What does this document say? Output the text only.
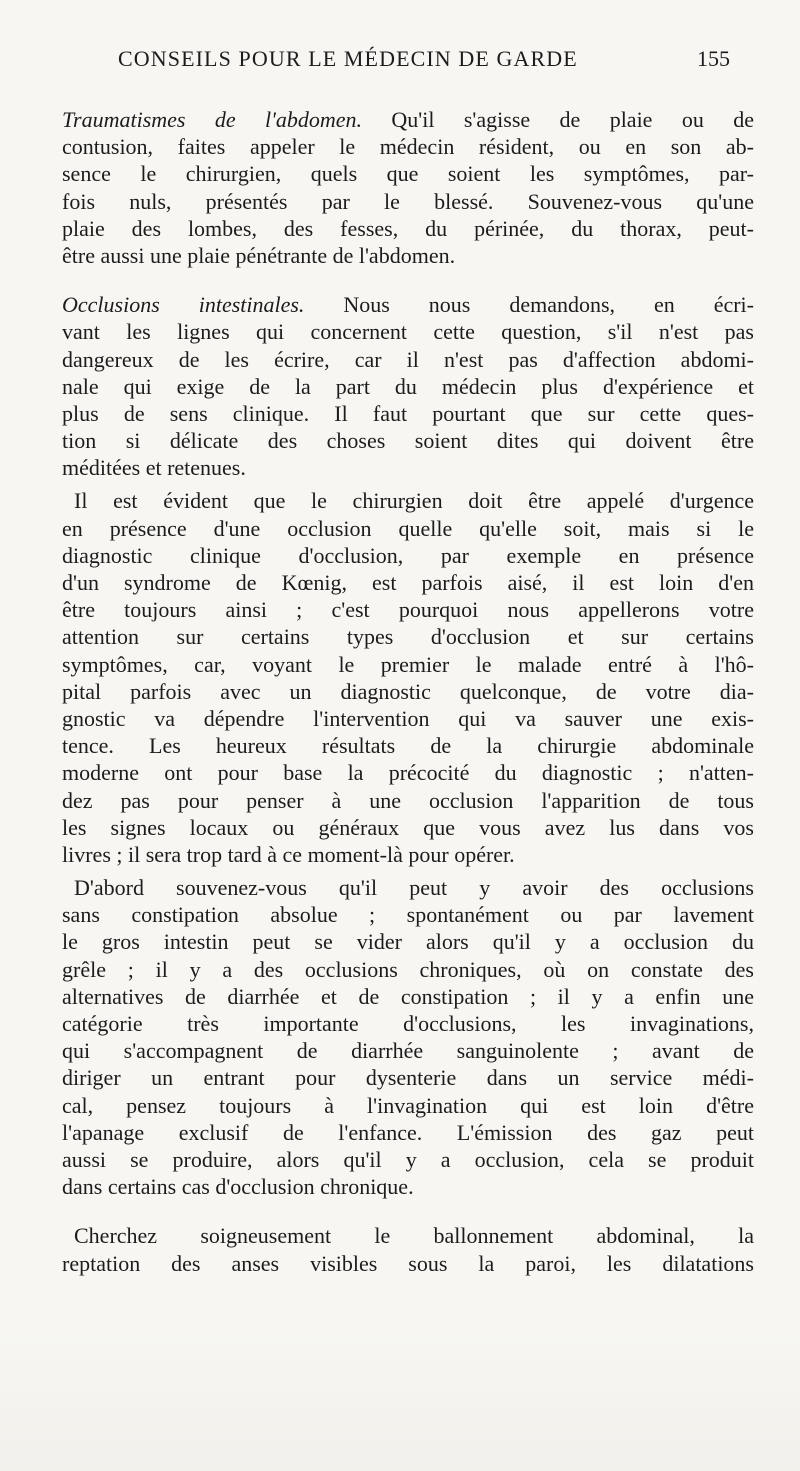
CONSEILS POUR LE MÉDECIN DE GARDE	155
Traumatismes de l'abdomen. Qu'il s'agisse de plaie ou de
contusion, faites appeler le médecin résident, ou en son ab-
sence le chirurgien, quels que soient les symptômes, par-
fois nuls, présentés par le blessé. Souvenez-vous qu'une
plaie des lombes, des fesses, du périnée, du thorax, peut-
être aussi une plaie pénétrante de l'abdomen.
Occlusions intestinales. Nous nous demandons, en écri-
vant les lignes qui concernent cette question, s'il n'est pas
dangereux de les écrire, car il n'est pas d'affection abdomi-
nale qui exige de la part du médecin plus d'expérience et
plus de sens clinique. Il faut pourtant que sur cette ques-
tion si délicate des choses soient dites qui doivent être
méditées et retenues.
Il est évident que le chirurgien doit être appelé d'urgence
en présence d'une occlusion quelle qu'elle soit, mais si le
diagnostic clinique d'occlusion, par exemple en présence
d'un syndrome de Kœnig, est parfois aisé, il est loin d'en
être toujours ainsi ; c'est pourquoi nous appellerons votre
attention sur certains types d'occlusion et sur certains
symptômes, car, voyant le premier le malade entré à l'hô-
pital parfois avec un diagnostic quelconque, de votre dia-
gnostic va dépendre l'intervention qui va sauver une exis-
tence. Les heureux résultats de la chirurgie abdominale
moderne ont pour base la précocité du diagnostic ; n'atten-
dez pas pour penser à une occlusion l'apparition de tous
les signes locaux ou généraux que vous avez lus dans vos
livres ; il sera trop tard à ce moment-là pour opérer.
D'abord souvenez-vous qu'il peut y avoir des occlusions
sans constipation absolue ; spontanément ou par lavement
le gros intestin peut se vider alors qu'il y a occlusion du
grêle ; il y a des occlusions chroniques, où on constate des
alternatives de diarrhée et de constipation ; il y a enfin une
catégorie très importante d'occlusions, les invaginations,
qui s'accompagnent de diarrhée sanguinolente ; avant de
diriger un entrant pour dysenterie dans un service médi-
cal, pensez toujours à l'invagination qui est loin d'être
l'apanage exclusif de l'enfance. L'émission des gaz peut
aussi se produire, alors qu'il y a occlusion, cela se produit
dans certains cas d'occlusion chronique.
Cherchez soigneusement le ballonnement abdominal, la
reptation des anses visibles sous la paroi, les dilatations
